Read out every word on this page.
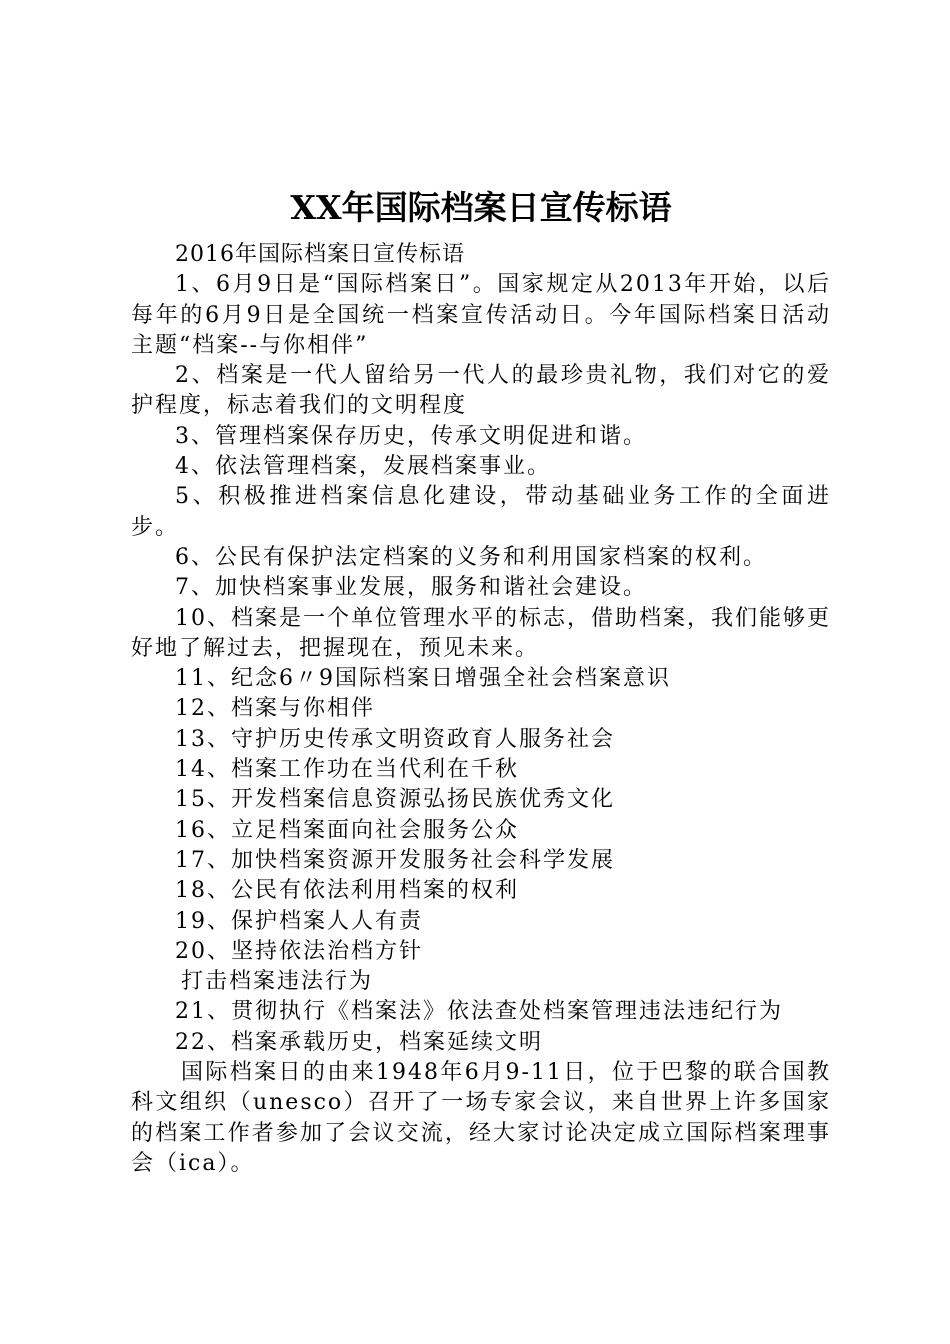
XX年国际档案日宣传标语

2016年国际档案日宣传标语

1、6月9日是“国际档案日”。国家规定从2013年开始，以后每年的6月9日是全国统一档案宣传活动日。今年国际档案日活动主题“档案--与你相伴”

2、档案是一代人留给另一代人的最珍贵礼物，我们对它的爱护程度，标志着我们的文明程度

3、管理档案保存历史，传承文明促进和谐。

4、依法管理档案，发展档案事业。

5、积极推进档案信息化建设，带动基础业务工作的全面进步。

6、公民有保护法定档案的义务和利用国家档案的权利。

7、加快档案事业发展，服务和谐社会建设。

10、档案是一个单位管理水平的标志，借助档案，我们能够更好地了解过去，把握现在，预见未来。

11、纪念6〃9国际档案日增强全社会档案意识

12、档案与你相伴

13、守护历史传承文明资政育人服务社会

14、档案工作功在当代利在千秋

15、开发档案信息资源弘扬民族优秀文化

16、立足档案面向社会服务公众

17、加快档案资源开发服务社会科学发展

18、公民有依法利用档案的权利

19、保护档案人人有责

20、坚持依法治档方针

打击档案违法行为

21、贯彻执行《档案法》依法查处档案管理违法违纪行为

22、档案承载历史，档案延续文明

国际档案日的由来1948年6月9-11日，位于巴黎的联合国教科文组织（unesco）召开了一场专家会议，来自世界上许多国家的档案工作者参加了会议交流，经大家讨论决定成立国际档案理事会（ica）。
